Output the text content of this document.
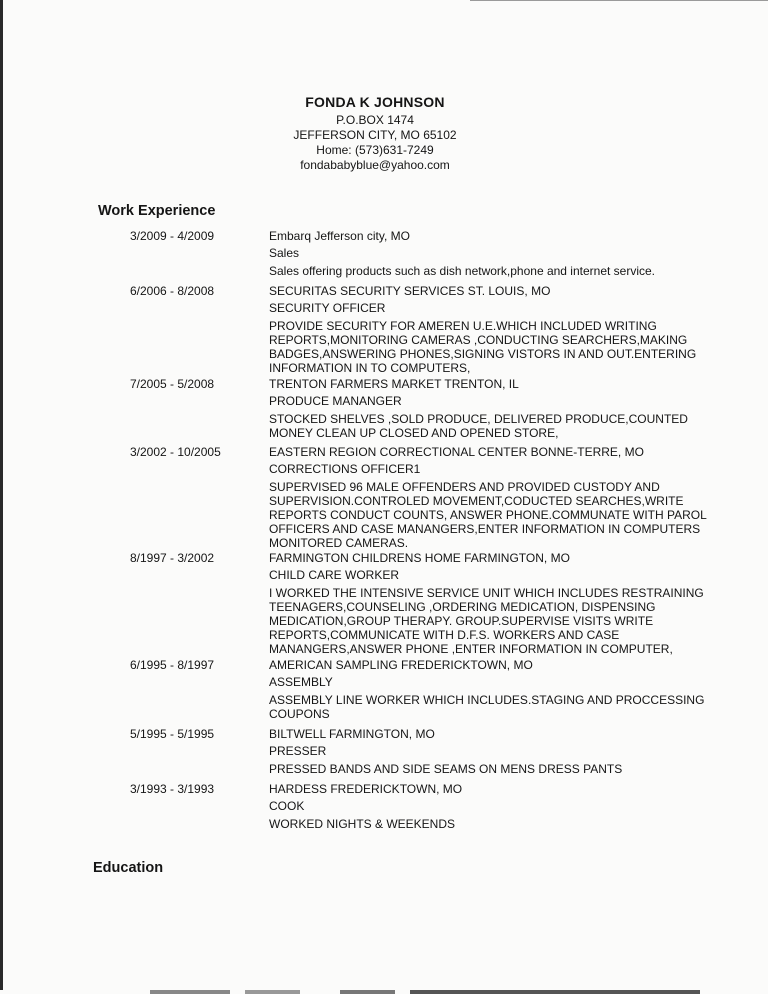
FONDA K JOHNSON
P.O.BOX 1474
JEFFERSON CITY, MO 65102
Home: (573)631-7249
fondababyblue@yahoo.com
Work Experience
3/2009 - 4/2009	Embarq Jefferson city, MO
Sales
Sales offering products such as dish network,phone and internet service.
6/2006 - 8/2008	SECURITAS SECURITY SERVICES ST. LOUIS, MO
SECURITY OFFICER
PROVIDE SECURITY FOR AMEREN U.E.WHICH INCLUDED WRITING REPORTS,MONITORING CAMERAS ,CONDUCTING SEARCHERS,MAKING BADGES,ANSWERING PHONES,SIGNING VISTORS IN AND OUT.ENTERING INFORMATION IN TO COMPUTERS,
7/2005 - 5/2008	TRENTON FARMERS MARKET TRENTON, IL
PRODUCE MANANGER
STOCKED SHELVES ,SOLD PRODUCE, DELIVERED PRODUCE,COUNTED MONEY CLEAN UP CLOSED AND OPENED STORE,
3/2002 - 10/2005	EASTERN REGION CORRECTIONAL CENTER BONNE-TERRE, MO
CORRECTIONS OFFICER1
SUPERVISED 96 MALE OFFENDERS AND PROVIDED CUSTODY AND SUPERVISION.CONTROLED MOVEMENT,CODUCTED SEARCHES,WRITE REPORTS CONDUCT COUNTS, ANSWER PHONE.COMMUNATE WITH PAROL OFFICERS AND CASE MANANGERS,ENTER INFORMATION IN COMPUTERS MONITORED CAMERAS.
8/1997 - 3/2002	FARMINGTON CHILDRENS HOME FARMINGTON, MO
CHILD CARE WORKER
I WORKED THE INTENSIVE SERVICE UNIT WHICH INCLUDES RESTRAINING TEENAGERS,COUNSELING ,ORDERING MEDICATION, DISPENSING MEDICATION,GROUP THERAPY. GROUP.SUPERVISE VISITS WRITE REPORTS,COMMUNICATE WITH D.F.S. WORKERS AND CASE MANANGERS,ANSWER PHONE ,ENTER INFORMATION IN COMPUTER,
6/1995 - 8/1997	AMERICAN SAMPLING FREDERICKTOWN, MO
ASSEMBLY
ASSEMBLY LINE WORKER WHICH INCLUDES.STAGING AND PROCCESSING COUPONS
5/1995 - 5/1995	BILTWELL FARMINGTON, MO
PRESSER
PRESSED BANDS AND SIDE SEAMS ON MENS DRESS PANTS
3/1993 - 3/1993	HARDESS FREDERICKTOWN, MO
COOK
WORKED NIGHTS & WEEKENDS
Education
